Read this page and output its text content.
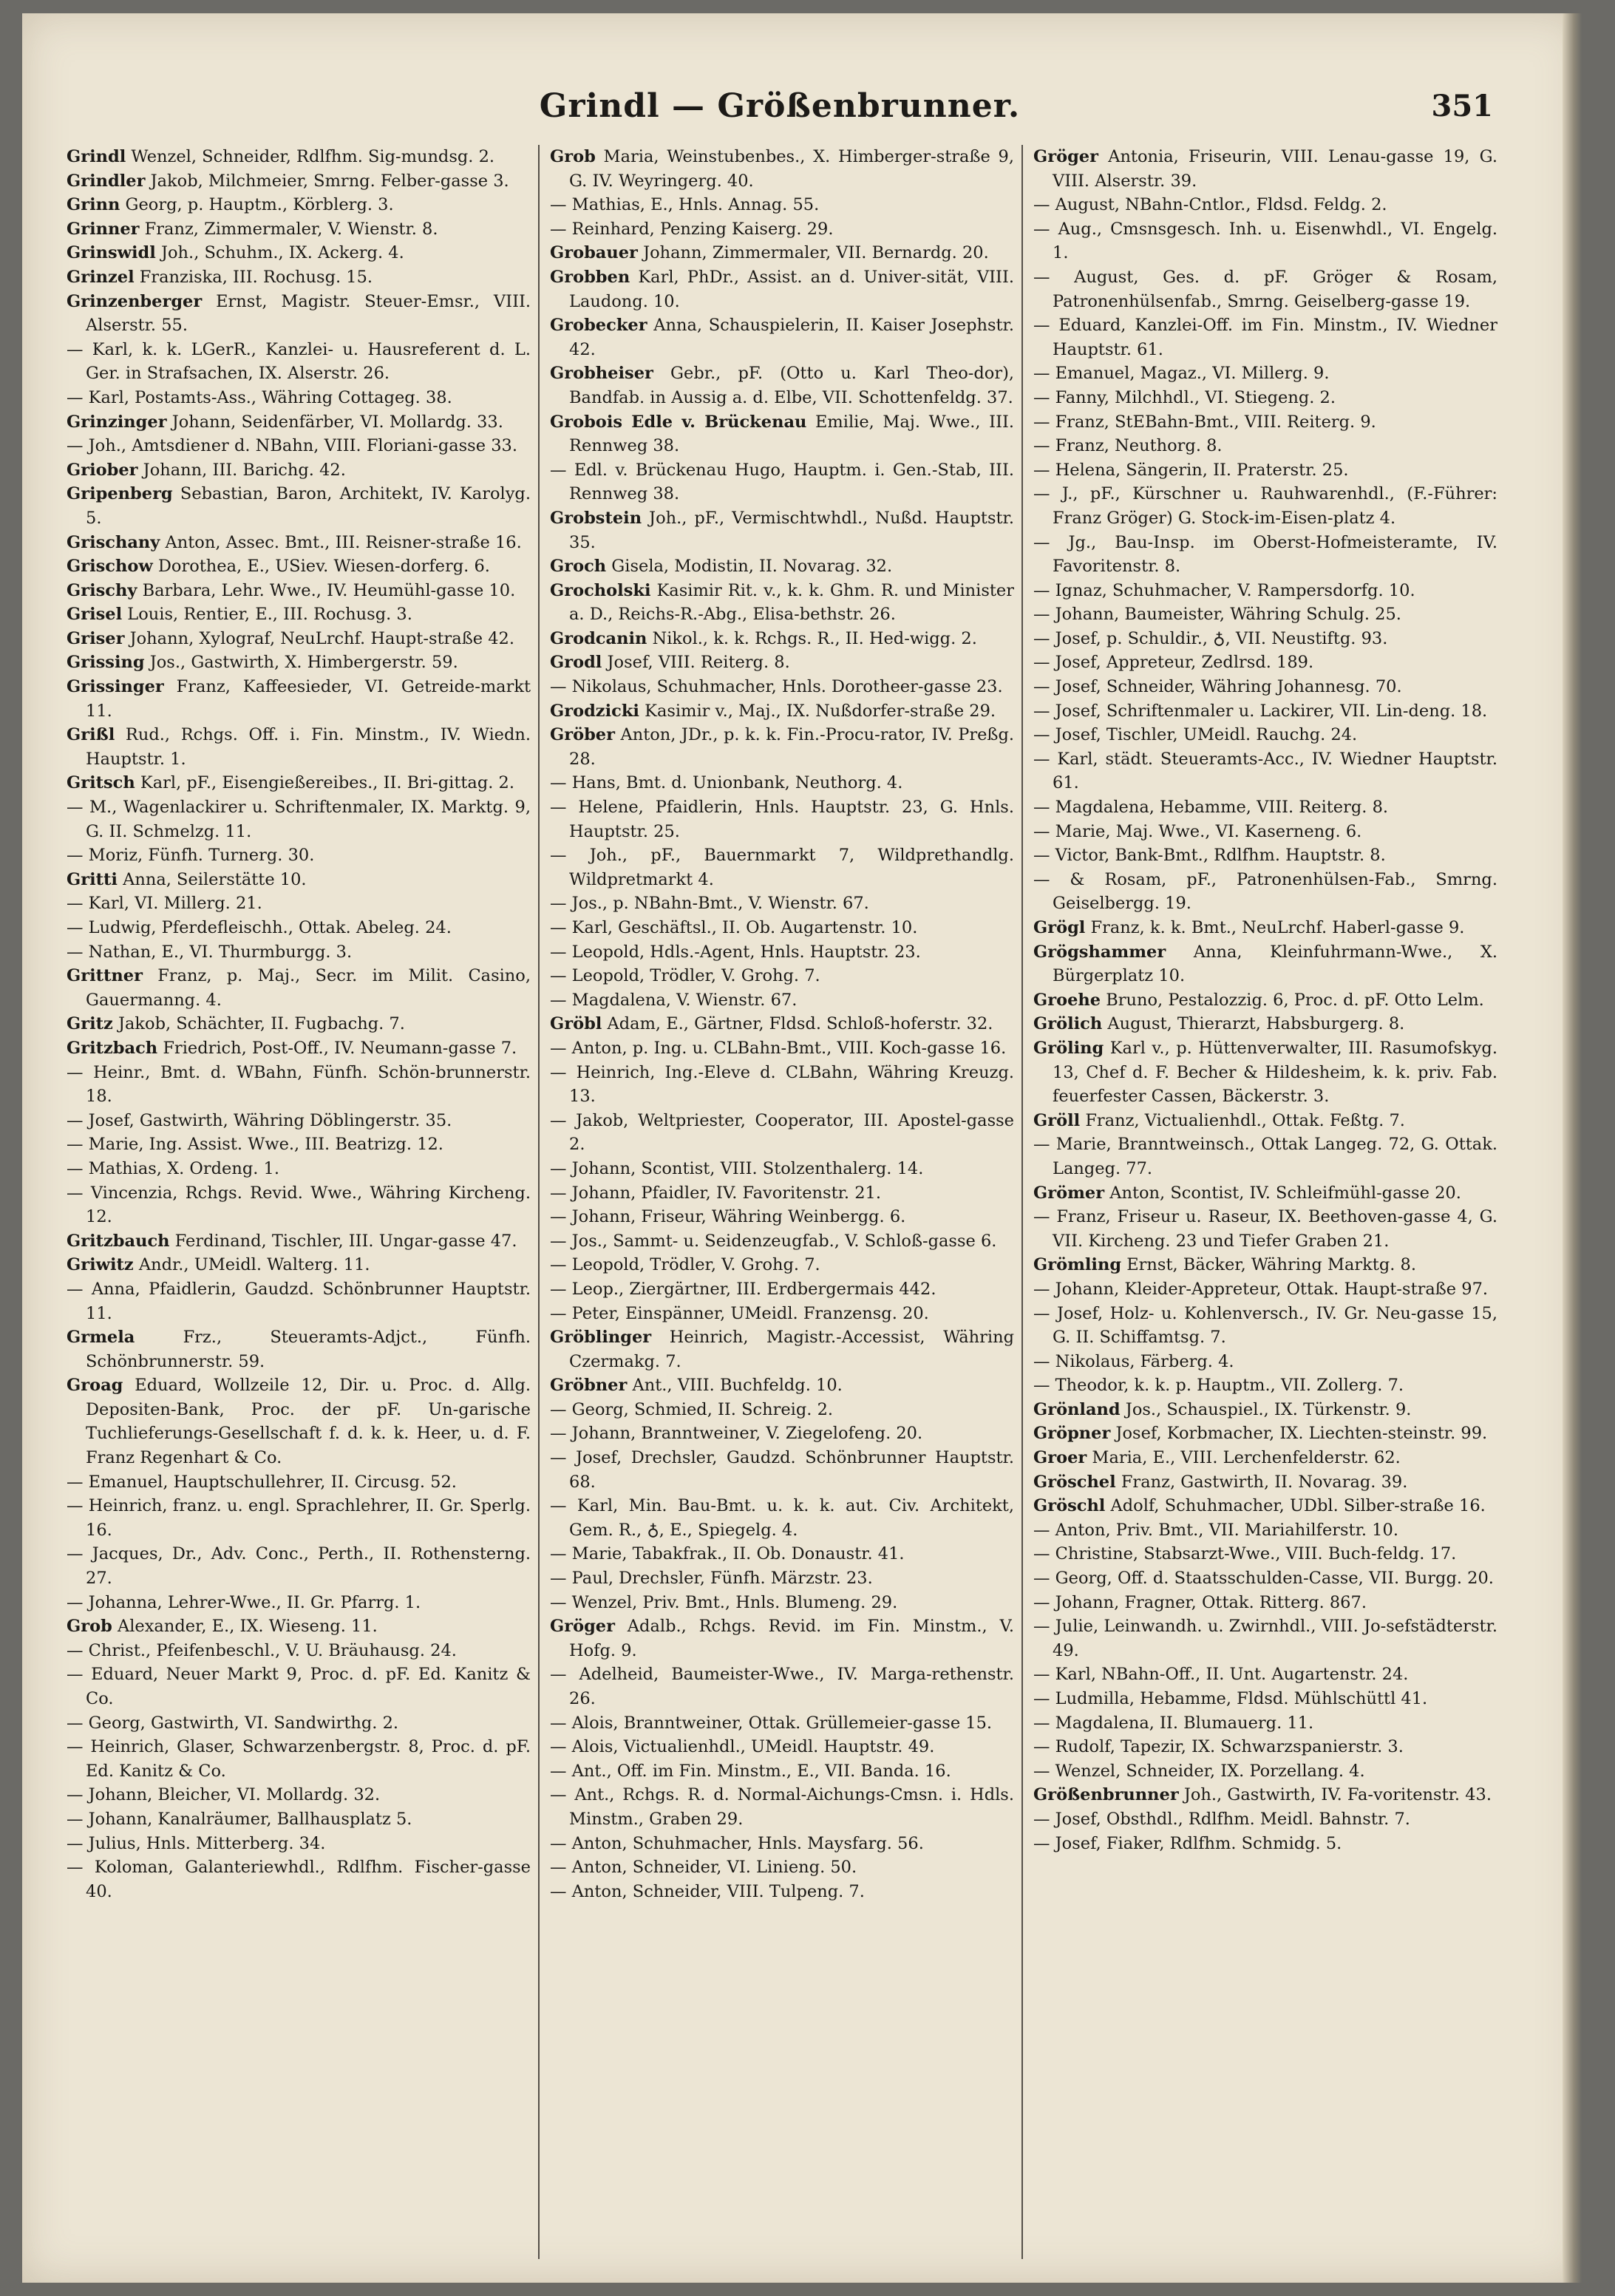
Grindl — Größenbrunner.	351

Grindl Wenzel, Schneider, Rdlfhm. Sig-mundsg. 2.

Grindler Jakob, Milchmeier, Smrng. Felber-gasse 3.

Grinn Georg, p. Hauptm., Körblerg. 3.

Grinner Franz, Zimmermaler, V. Wienstr. 8.

Grinswidl Joh., Schuhm., IX. Ackerg. 4.

Grinzel Franziska, III. Rochusg. 15.

Grinzenberger Ernst, Magistr. Steuer-Emsr., VIII. Alserstr. 55.

— Karl, k. k. LGerR., Kanzlei- u. Hausreferent d. L. Ger. in Strafsachen, IX. Alserstr. 26.

— Karl, Postamts-Ass., Währing Cottageg. 38.

Grinzinger Johann, Seidenfärber, VI. Mollardg. 33.

— Joh., Amtsdiener d. NBahn, VIII. Floriani-gasse 33.

Griober Johann, III. Barichg. 42.

Gripenberg Sebastian, Baron, Architekt, IV. Karolyg. 5.

Grischany Anton, Assec. Bmt., III. Reisner-straße 16.

Grischow Dorothea, E., USiev. Wiesen-dorferg. 6.

Grischy Barbara, Lehr. Wwe., IV. Heumühl-gasse 10.

Grisel Louis, Rentier, E., III. Rochusg. 3.

Griser Johann, Xylograf, NeuLrchf. Haupt-straße 42.

Grissing Jos., Gastwirth, X. Himbergerstr. 59.

Grissinger Franz, Kaffeesieder, VI. Getreide-markt 11.

Grißl Rud., Rchgs. Off. i. Fin. Minstm., IV. Wiedn. Hauptstr. 1.

Gritsch Karl, pF., Eisengießereibes., II. Bri-gittag. 2.

— M., Wagenlackirer u. Schriftenmaler, IX. Marktg. 9, G. II. Schmelzg. 11.

— Moriz, Fünfh. Turnerg. 30.

Gritti Anna, Seilerstätte 10.

— Karl, VI. Millerg. 21.

— Ludwig, Pferdefleischh., Ottak. Abeleg. 24.

— Nathan, E., VI. Thurmburgg. 3.

Grittner Franz, p. Maj., Secr. im Milit. Casino, Gauermanng. 4.

Gritz Jakob, Schächter, II. Fugbachg. 7.

Gritzbach Friedrich, Post-Off., IV. Neumann-gasse 7.

— Heinr., Bmt. d. WBahn, Fünfh. Schön-brunnerstr. 18.

— Josef, Gastwirth, Währing Döblingerstr. 35.

— Marie, Ing. Assist. Wwe., III. Beatrizg. 12.

— Mathias, X. Ordeng. 1.

— Vincenzia, Rchgs. Revid. Wwe., Währing Kircheng. 12.

Gritzbauch Ferdinand, Tischler, III. Ungar-gasse 47.

Griwitz Andr., UMeidl. Walterg. 11.

— Anna, Pfaidlerin, Gaudzd. Schönbrunner Hauptstr. 11.

Grmela Frz., Steueramts-Adjct., Fünfh. Schönbrunnerstr. 59.

Groag Eduard, Wollzeile 12, Dir. u. Proc. d. Allg. Depositen-Bank, Proc. der pF. Un-garische Tuchlieferungs-Gesellschaft f. d. k. k. Heer, u. d. F. Franz Regenhart & Co.

— Emanuel, Hauptschullehrer, II. Circusg. 52.

— Heinrich, franz. u. engl. Sprachlehrer, II. Gr. Sperlg. 16.

— Jacques, Dr., Adv. Conc., Perth., II. Rothensterng. 27.

— Johanna, Lehrer-Wwe., II. Gr. Pfarrg. 1.

Grob Alexander, E., IX. Wieseng. 11.

— Christ., Pfeifenbeschl., V. U. Bräuhausg. 24.

— Eduard, Neuer Markt 9, Proc. d. pF. Ed. Kanitz & Co.

— Georg, Gastwirth, VI. Sandwirthg. 2.

— Heinrich, Glaser, Schwarzenbergstr. 8, Proc. d. pF. Ed. Kanitz & Co.

— Johann, Bleicher, VI. Mollardg. 32.

— Johann, Kanalräumer, Ballhausplatz 5.

— Julius, Hnls. Mitterberg. 34.

— Koloman, Galanteriewhdl., Rdlfhm. Fischer-gasse 40.

Grob Maria, Weinstubenbes., X. Himberger-straße 9, G. IV. Weyringerg. 40.

— Mathias, E., Hnls. Annag. 55.

— Reinhard, Penzing Kaiserg. 29.

Grobauer Johann, Zimmermaler, VII. Bernardg. 20.

Grobben Karl, PhDr., Assist. an d. Univer-sität, VIII. Laudong. 10.

Grobecker Anna, Schauspielerin, II. Kaiser Josephstr. 42.

Grobheiser Gebr., pF. (Otto u. Karl Theo-dor), Bandfab. in Aussig a. d. Elbe, VII. Schottenfeldg. 37.

Grobois Edle v. Brückenau Emilie, Maj. Wwe., III. Rennweg 38.

— Edl. v. Brückenau Hugo, Hauptm. i. Gen.-Stab, III. Rennweg 38.

Grobstein Joh., pF., Vermischtwhdl., Nußd. Hauptstr. 35.

Groch Gisela, Modistin, II. Novarag. 32.

Grocholski Kasimir Rit. v., k. k. Ghm. R. und Minister a. D., Reichs-R.-Abg., Elisa-bethstr. 26.

Grodcanin Nikol., k. k. Rchgs. R., II. Hed-wigg. 2.

Grodl Josef, VIII. Reiterg. 8.

— Nikolaus, Schuhmacher, Hnls. Dorotheer-gasse 23.

Grodzicki Kasimir v., Maj., IX. Nußdorfer-straße 29.

Gröber Anton, JDr., p. k. k. Fin.-Procu-rator, IV. Preßg. 28.

— Hans, Bmt. d. Unionbank, Neuthorg. 4.

— Helene, Pfaidlerin, Hnls. Hauptstr. 23, G. Hnls. Hauptstr. 25.

— Joh., pF., Bauernmarkt 7, Wildprethandlg. Wildpretmarkt 4.

— Jos., p. NBahn-Bmt., V. Wienstr. 67.

— Karl, Geschäftsl., II. Ob. Augartenstr. 10.

— Leopold, Hdls.-Agent, Hnls. Hauptstr. 23.

— Leopold, Trödler, V. Grohg. 7.

— Magdalena, V. Wienstr. 67.

Gröbl Adam, E., Gärtner, Fldsd. Schloß-hoferstr. 32.

— Anton, p. Ing. u. CLBahn-Bmt., VIII. Koch-gasse 16.

— Heinrich, Ing.-Eleve d. CLBahn, Währing Kreuzg. 13.

— Jakob, Weltpriester, Cooperator, III. Apostel-gasse 2.

— Johann, Scontist, VIII. Stolzenthalerg. 14.

— Johann, Pfaidler, IV. Favoritenstr. 21.

— Johann, Friseur, Währing Weinbergg. 6.

— Jos., Sammt- u. Seidenzeugfab., V. Schloß-gasse 6.

— Leopold, Trödler, V. Grohg. 7.

— Leop., Ziergärtner, III. Erdbergermais 442.

— Peter, Einspänner, UMeidl. Franzensg. 20.

Gröblinger Heinrich, Magistr.-Accessist, Währing Czermakg. 7.

Gröbner Ant., VIII. Buchfeldg. 10.

— Georg, Schmied, II. Schreig. 2.

— Johann, Branntweiner, V. Ziegelofeng. 20.

— Josef, Drechsler, Gaudzd. Schönbrunner Hauptstr. 68.

— Karl, Min. Bau-Bmt. u. k. k. aut. Civ. Architekt, Gem. R., ♁, E., Spiegelg. 4.

— Marie, Tabakfrak., II. Ob. Donaustr. 41.

— Paul, Drechsler, Fünfh. Märzstr. 23.

— Wenzel, Priv. Bmt., Hnls. Blumeng. 29.

Gröger Adalb., Rchgs. Revid. im Fin. Minstm., V. Hofg. 9.

— Adelheid, Baumeister-Wwe., IV. Marga-rethenstr. 26.

— Alois, Branntweiner, Ottak. Grüllemeier-gasse 15.

— Alois, Victualienhdl., UMeidl. Hauptstr. 49.

— Ant., Off. im Fin. Minstm., E., VII. Banda. 16.

— Ant., Rchgs. R. d. Normal-Aichungs-Cmsn. i. Hdls. Minstm., Graben 29.

— Anton, Schuhmacher, Hnls. Maysfarg. 56.

— Anton, Schneider, VI. Linieng. 50.

— Anton, Schneider, VIII. Tulpeng. 7.

Gröger Antonia, Friseurin, VIII. Lenau-gasse 19, G. VIII. Alserstr. 39.

— August, NBahn-Cntlor., Fldsd. Feldg. 2.

— Aug., Cmsnsgesch. Inh. u. Eisenwhdl., VI. Engelg. 1.

— August, Ges. d. pF. Gröger & Rosam, Patronenhülsenfab., Smrng. Geiselberg-gasse 19.

— Eduard, Kanzlei-Off. im Fin. Minstm., IV. Wiedner Hauptstr. 61.

— Emanuel, Magaz., VI. Millerg. 9.

— Fanny, Milchhdl., VI. Stiegeng. 2.

— Franz, StEBahn-Bmt., VIII. Reiterg. 9.

— Franz, Neuthorg. 8.

— Helena, Sängerin, II. Praterstr. 25.

— J., pF., Kürschner u. Rauhwarenhdl., (F.-Führer: Franz Gröger) G. Stock-im-Eisen-platz 4.

— Jg., Bau-Insp. im Oberst-Hofmeisteramte, IV. Favoritenstr. 8.

— Ignaz, Schuhmacher, V. Rampersdorfg. 10.

— Johann, Baumeister, Währing Schulg. 25.

— Josef, p. Schuldir., ♁, VII. Neustiftg. 93.

— Josef, Appreteur, Zedlrsd. 189.

— Josef, Schneider, Währing Johannesg. 70.

— Josef, Schriftenmaler u. Lackirer, VII. Lin-deng. 18.

— Josef, Tischler, UMeidl. Rauchg. 24.

— Karl, städt. Steueramts-Acc., IV. Wiedner Hauptstr. 61.

— Magdalena, Hebamme, VIII. Reiterg. 8.

— Marie, Maj. Wwe., VI. Kaserneng. 6.

— Victor, Bank-Bmt., Rdlfhm. Hauptstr. 8.

— & Rosam, pF., Patronenhülsen-Fab., Smrng. Geiselbergg. 19.

Grögl Franz, k. k. Bmt., NeuLrchf. Haberl-gasse 9.

Grögshammer Anna, Kleinfuhrmann-Wwe., X. Bürgerplatz 10.

Groehe Bruno, Pestalozzig. 6, Proc. d. pF. Otto Lelm.

Grölich August, Thierarzt, Habsburgerg. 8.

Gröling Karl v., p. Hüttenverwalter, III. Rasumofskyg. 13, Chef d. F. Becher & Hildesheim, k. k. priv. Fab. feuerfester Cassen, Bäckerstr. 3.

Gröll Franz, Victualienhdl., Ottak. Feßtg. 7.

— Marie, Branntweinsch., Ottak Langeg. 72, G. Ottak. Langeg. 77.

Grömer Anton, Scontist, IV. Schleifmühl-gasse 20.

— Franz, Friseur u. Raseur, IX. Beethoven-gasse 4, G. VII. Kircheng. 23 und Tiefer Graben 21.

Grömling Ernst, Bäcker, Währing Marktg. 8.

— Johann, Kleider-Appreteur, Ottak. Haupt-straße 97.

— Josef, Holz- u. Kohlenversch., IV. Gr. Neu-gasse 15, G. II. Schiffamtsg. 7.

— Nikolaus, Färberg. 4.

— Theodor, k. k. p. Hauptm., VII. Zollerg. 7.

Grönland Jos., Schauspiel., IX. Türkenstr. 9.

Gröpner Josef, Korbmacher, IX. Liechten-steinstr. 99.

Groer Maria, E., VIII. Lerchenfelderstr. 62.

Gröschel Franz, Gastwirth, II. Novarag. 39.

Gröschl Adolf, Schuhmacher, UDbl. Silber-straße 16.

— Anton, Priv. Bmt., VII. Mariahilferstr. 10.

— Christine, Stabsarzt-Wwe., VIII. Buch-feldg. 17.

— Georg, Off. d. Staatsschulden-Casse, VII. Burgg. 20.

— Johann, Fragner, Ottak. Ritterg. 867.

— Julie, Leinwandh. u. Zwirnhdl., VIII. Jo-sefstädterstr. 49.

— Karl, NBahn-Off., II. Unt. Augartenstr. 24.

— Ludmilla, Hebamme, Fldsd. Mühlschüttl 41.

— Magdalena, II. Blumauerg. 11.

— Rudolf, Tapezir, IX. Schwarzspanierstr. 3.

— Wenzel, Schneider, IX. Porzellang. 4.

Größenbrunner Joh., Gastwirth, IV. Fa-voritenstr. 43.

— Josef, Obsthdl., Rdlfhm. Meidl. Bahnstr. 7.

— Josef, Fiaker, Rdlfhm. Schmidg. 5.
